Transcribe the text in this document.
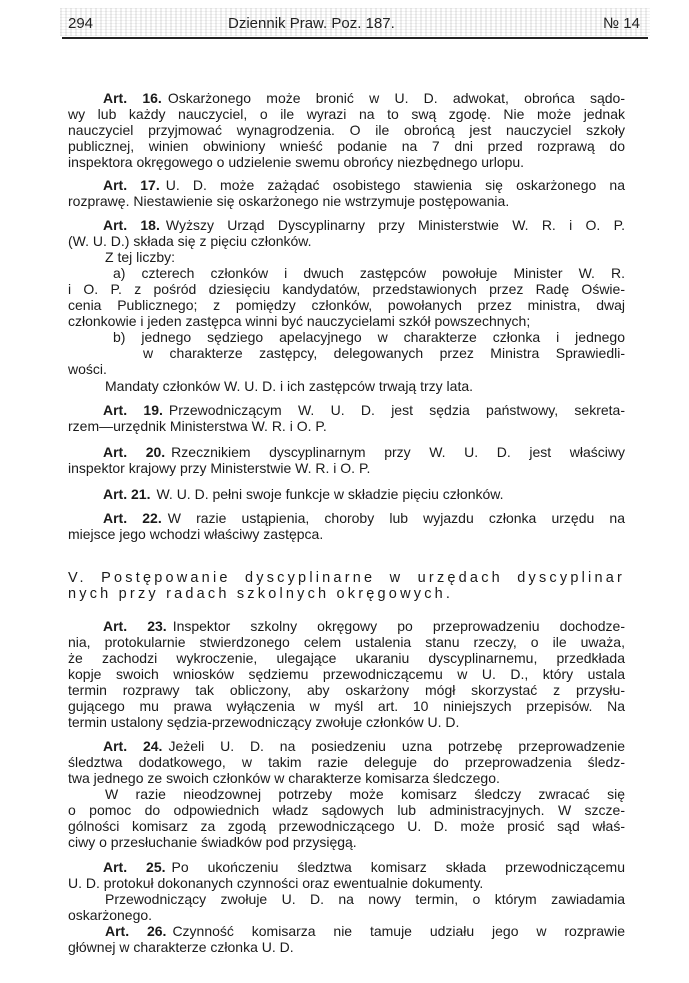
294	Dziennik Praw. Poz. 187.	№ 14
Art. 16. Oskarżonego może bronić w U. D. adwokat, obrońca sądo-
wy lub każdy nauczyciel, o ile wyrazi na to swą zgodę. Nie może jednak
nauczyciel przyjmować wynagrodzenia. O ile obrońcą jest nauczyciel szkoły
publicznej, winien obwiniony wnieść podanie na 7 dni przed rozprawą do
inspektora okręgowego o udzielenie swemu obrońcy niezbędnego urlopu.
Art. 17. U. D. może zażądać osobistego stawienia się oskarżonego na
rozprawę. Niestawienie się oskarżonego nie wstrzymuje postępowania.
Art. 18. Wyższy Urząd Dyscyplinarny przy Ministerstwie W. R. i O. P.
(W. U. D.) składa się z pięciu członków.
Z tej liczby:
a) czterech członków i dwuch zastępców powołuje Minister W. R.
i O. P. z pośród dziesięciu kandydatów, przedstawionych przez Radę Oświe-
cenia Publicznego; z pomiędzy członków, powołanych przez ministra, dwaj
członkowie i jeden zastępca winni być nauczycielami szkół powszechnych;
b) jednego sędziego apelacyjnego w charakterze członka i jednego
w charakterze zastępcy, delegowanych przez Ministra Sprawiedli-
wości.
Mandaty członków W. U. D. i ich zastępców trwają trzy lata.
Art. 19. Przewodniczącym W. U. D. jest sędzia państwowy, sekreta-
rzem—urzędnik Ministerstwa W. R. i O. P.
Art. 20. Rzecznikiem dyscyplinarnym przy W. U. D. jest właściwy
inspektor krajowy przy Ministerstwie W. R. i O. P.
Art. 21. W. U. D. pełni swoje funkcje w składzie pięciu członków.
Art. 22. W razie ustąpienia, choroby lub wyjazdu członka urzędu na
miejsce jego wchodzi właściwy zastępca.
V. Postępowanie dyscyplinarne w urzędach dyscyplinar
nych przy radach szkolnych okręgowych.
Art. 23. Inspektor szkolny okręgowy po przeprowadzeniu dochodze-
nia, protokularnie stwierdzonego celem ustalenia stanu rzeczy, o ile uważa,
że zachodzi wykroczenie, ulegające ukaraniu dyscyplinarnemu, przedkłada
kopje swoich wniosków sędziemu przewodniczącemu w U. D., który ustala
termin rozprawy tak obliczony, aby oskarżony mógł skorzystać z przysłu-
gującego mu prawa wyłączenia w myśl art. 10 niniejszych przepisów. Na
termin ustalony sędzia-przewodniczący zwołuje członków U. D.
Art. 24. Jeżeli U. D. na posiedzeniu uzna potrzebę przeprowadzenie
śledztwa dodatkowego, w takim razie deleguje do przeprowadzenia śledz-
twa jednego ze swoich członków w charakterze komisarza śledczego.
W razie nieodzownej potrzeby może komisarz śledczy zwracać się
o pomoc do odpowiednich władz sądowych lub administracyjnych. W szcze-
gólności komisarz za zgodą przewodniczącego U. D. może prosić sąd właś-
ciwy o przesłuchanie świadków pod przysięgą.
Art. 25. Po ukończeniu śledztwa komisarz składa przewodniczącemu
U. D. protokuł dokonanych czynności oraz ewentualnie dokumenty.
Przewodniczący zwołuje U. D. na nowy termin, o którym zawiadamia
oskarżonego.
Art. 26. Czynność komisarza nie tamuje udziału jego w rozprawie
głównej w charakterze członka U. D.
